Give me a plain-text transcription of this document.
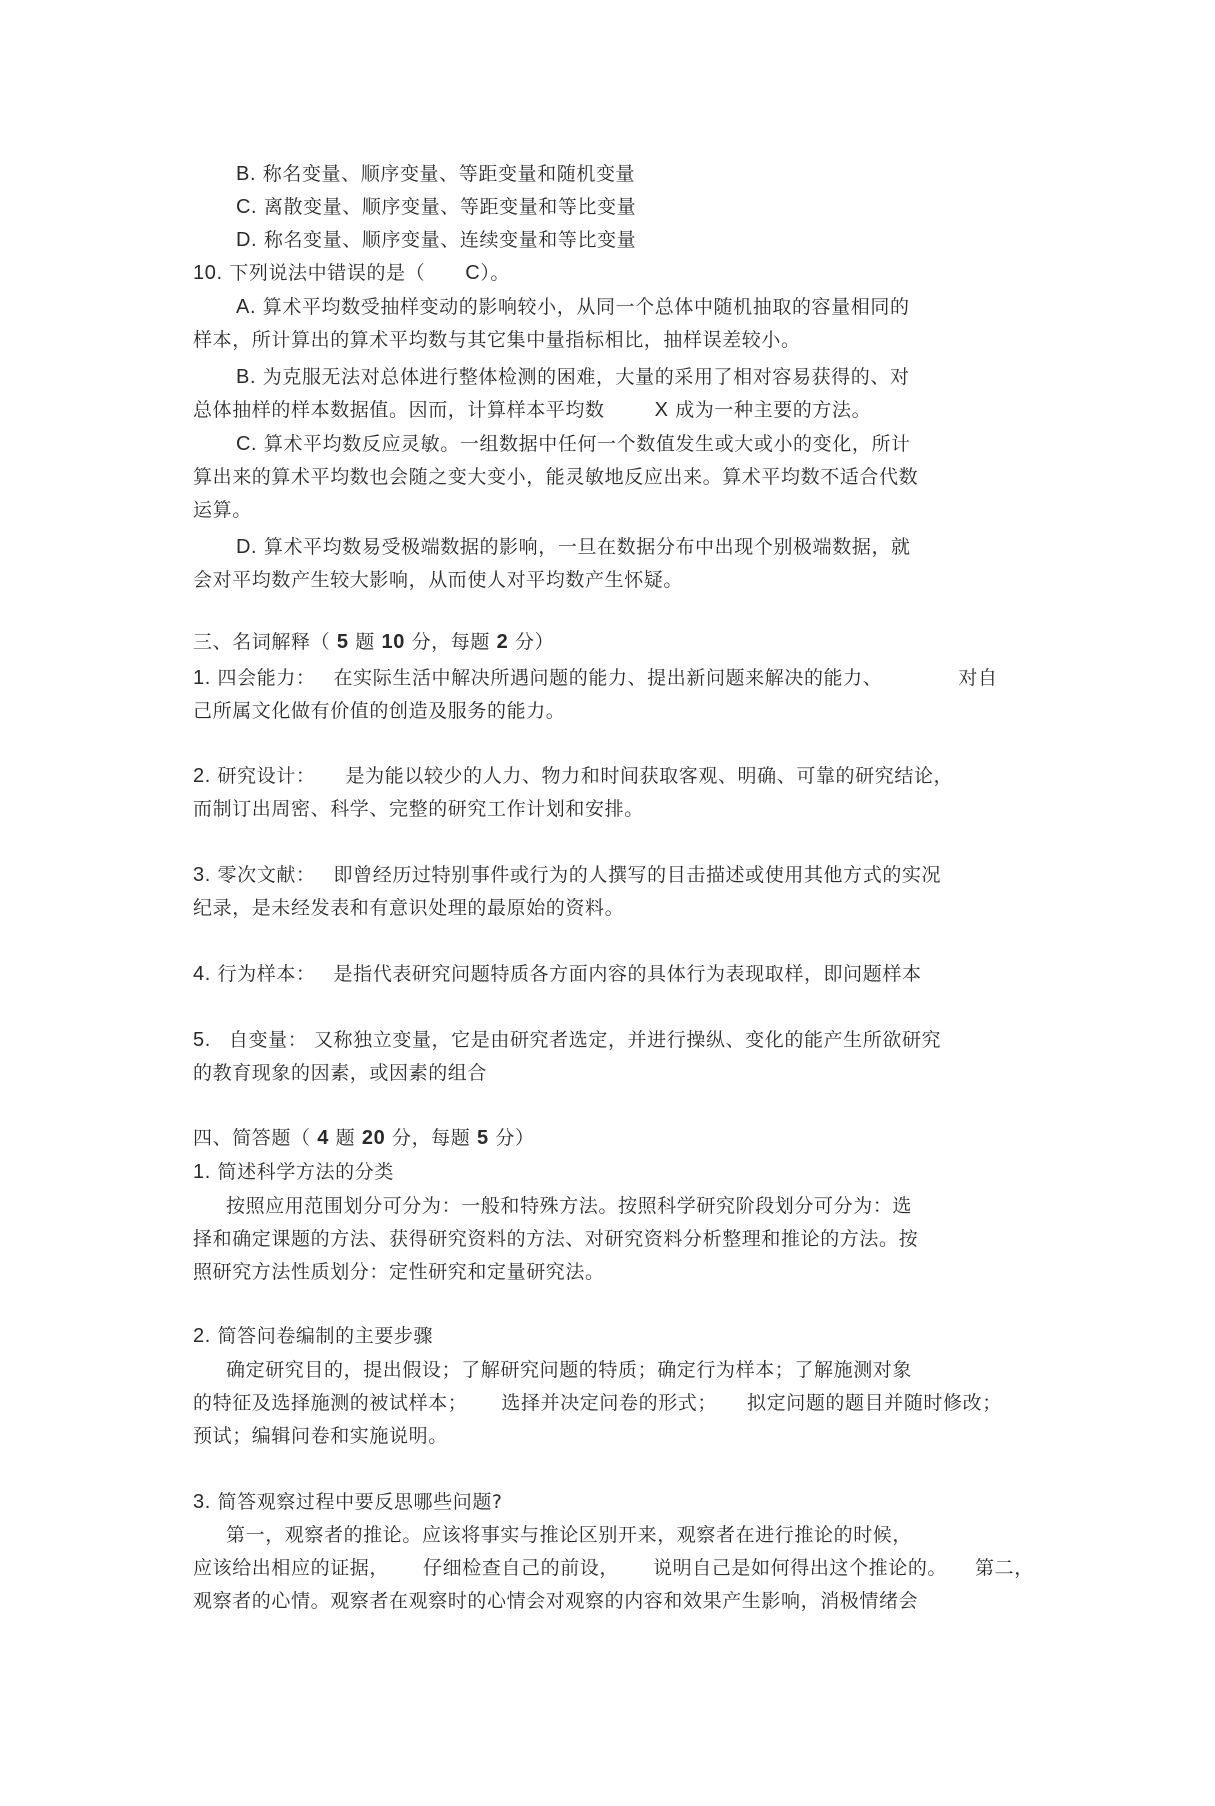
B. 称名变量、顺序变量、等距变量和随机变量
C. 离散变量、顺序变量、等距变量和等比变量
D. 称名变量、顺序变量、连续变量和等比变量
10. 下列说法中错误的是（ C）。
A. 算术平均数受抽样变动的影响较小，从同一个总体中随机抽取的容量相同的
样本，所计算出的算术平均数与其它集中量指标相比，抽样误差较小。
B. 为克服无法对总体进行整体检测的困难，大量的采用了相对容易获得的、对
总体抽样的样本数据值。因而，计算样本平均数	X 成为一种主要的方法。
C. 算术平均数反应灵敏。一组数据中任何一个数值发生或大或小的变化，所计
算出来的算术平均数也会随之变大变小，能灵敏地反应出来。算术平均数不适合代数
运算。
D. 算术平均数易受极端数据的影响，一旦在数据分布中出现个别极端数据，就
会对平均数产生较大影响，从而使人对平均数产生怀疑。
三、名词解释（ 5 题 10 分，每题 2 分）
1. 四会能力： 在实际生活中解决所遇问题的能力、提出新问题来解决的能力、	对自
己所属文化做有价值的创造及服务的能力。
2. 研究设计： 是为能以较少的人力、物力和时间获取客观、明确、可靠的研究结论，
而制订出周密、科学、完整的研究工作计划和安排。
3. 零次文献： 即曾经历过特别事件或行为的人撰写的目击描述或使用其他方式的实况
纪录，是未经发表和有意识处理的最原始的资料。
4. 行为样本： 是指代表研究问题特质各方面内容的具体行为表现取样，即问题样本
5. 自变量： 又称独立变量，它是由研究者选定，并进行操纵、变化的能产生所欲研究
的教育现象的因素，或因素的组合
四、简答题（ 4 题 20 分，每题 5 分）
1. 简述科学方法的分类
按照应用范围划分可分为：一般和特殊方法。按照科学研究阶段划分可分为：选
择和确定课题的方法、获得研究资料的方法、对研究资料分析整理和推论的方法。按
照研究方法性质划分：定性研究和定量研究法。
2. 简答问卷编制的主要步骤
确定研究目的，提出假设；了解研究问题的特质；确定行为样本；了解施测对象
的特征及选择施测的被试样本； 选择并决定问卷的形式； 拟定问题的题目并随时修改；
预试；编辑问卷和实施说明。
3. 简答观察过程中要反思哪些问题?
第一，观察者的推论。应该将事实与推论区别开来，观察者在进行推论的时候，
应该给出相应的证据， 仔细检查自己的前设， 说明自己是如何得出这个推论的。 第二，
观察者的心情。观察者在观察时的心情会对观察的内容和效果产生影响，消极情绪会
